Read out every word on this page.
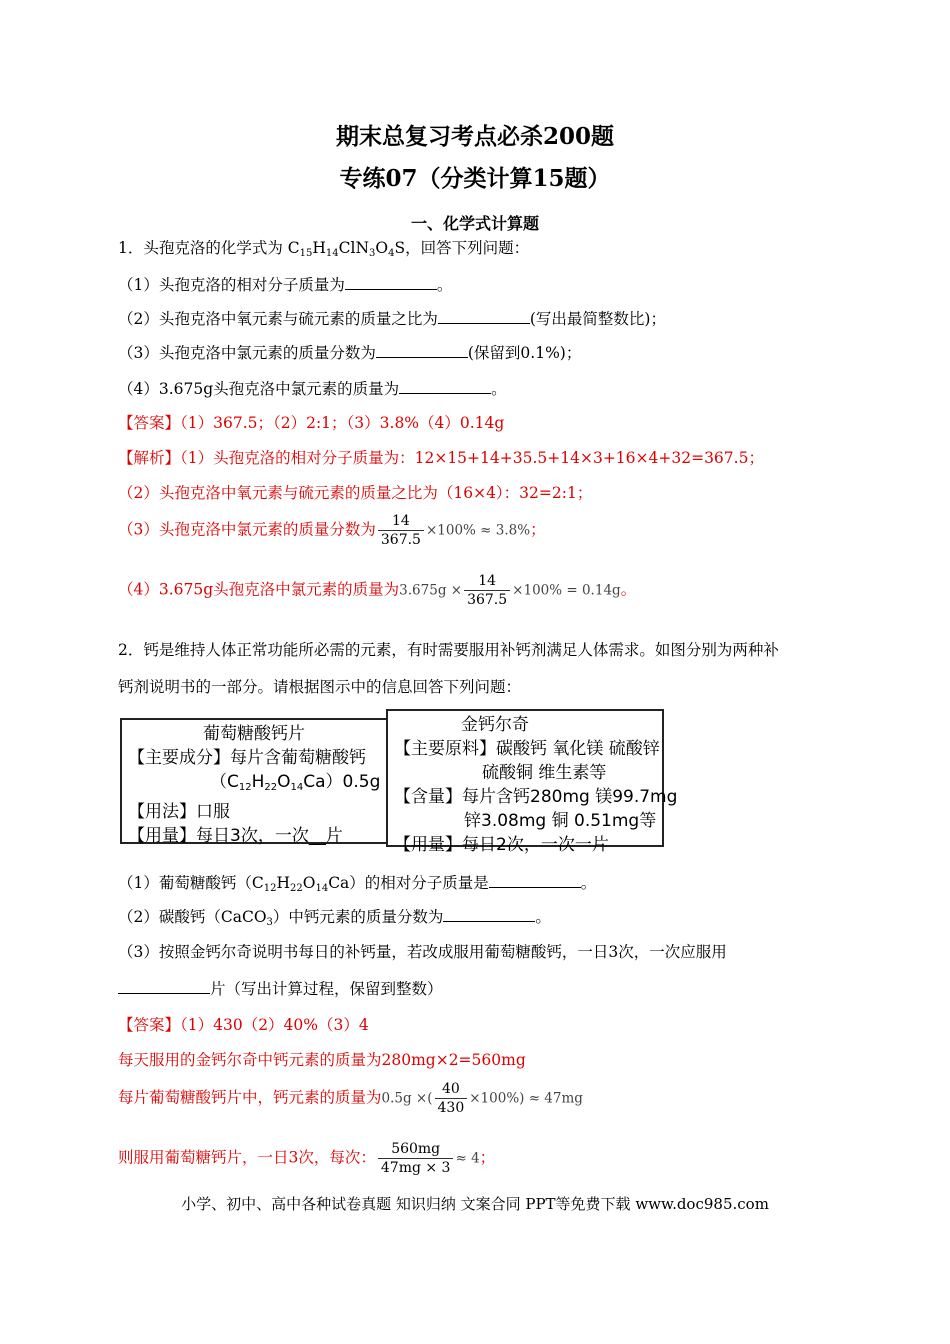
期末总复习考点必杀200题
专练07（分类计算15题）
一、化学式计算题
1．头孢克洛的化学式为 $C_{15}H_{14}ClN_3O_4S$，回答下列问题：
（1）头孢克洛的相对分子质量为	。
（2）头孢克洛中氧元素与硫元素的质量之比为	(写出最简整数比)；
（3）头孢克洛中氯元素的质量分数为	(保留到0.1%)；
（4）3.675g头孢克洛中氯元素的质量为	。
【答案】（1）367.5；（2）2:1；（3）3.8%（4）0.14g
【解析】（1）头孢克洛的相对分子质量为：12×15+14+35.5+14×3+16×4+32=367.5；
（2）头孢克洛中氧元素与硫元素的质量之比为（16×4）：32=2:1；
（3）头孢克洛中氯元素的质量分数为 $\frac{14}{367.5} \times 100\% \approx 3.8\%$；
（4）3.675g头孢克洛中氯元素的质量为$3.675g \times \frac{14}{367.5} \times 100\% = 0.14g$。
2．钙是维持人体正常功能所必需的元素，有时需要服用补钙剂满足人体需求。如图分别为两种补
钙剂说明书的一部分。请根据图示中的信息回答下列问题：
葡萄糖酸钙片
【主要成分】每片含葡萄糖酸钙
$(C_{12}H_{22}O_{14}Ca)0.5g$
【用法】口服
【用量】每日3次，一次__片
金钙尔奇
【主要原料】碳酸钙 氧化镁 硫酸锌
硫酸铜 维生素等
【含量】每片含钙280mg 镁99.7mg
锌3.08mg 铜 0.51mg等
【用量】每日2次，一次一片
（1）葡萄糖酸钙$(C_{12}H_{22}O_{14}Ca)$的相对分子质量是	。
（2）碳酸钙（CaCO$_3$）中钙元素的质量分数为	。
（3）按照金钙尔奇说明书每日的补钙量，若改成服用葡萄糖酸钙，一日3次，一次应服用
片（写出计算过程，保留到整数）
【答案】（1）430（2）40%（3）4
每天服用的金钙尔奇中钙元素的质量为280mg×2=560mg
每片葡萄糖酸钙片中，钙元素的质量为0.5g ×( $\frac{40}{430} \times 100\%) \approx 47mg$
则服用葡萄糖钙片，一日3次，每次： $\frac{560mg}{47mg \times 3} \approx 4$；
小学、初中、高中各种试卷真题 知识归纳 文案合同 PPT等免费下载 www.doc985.com
